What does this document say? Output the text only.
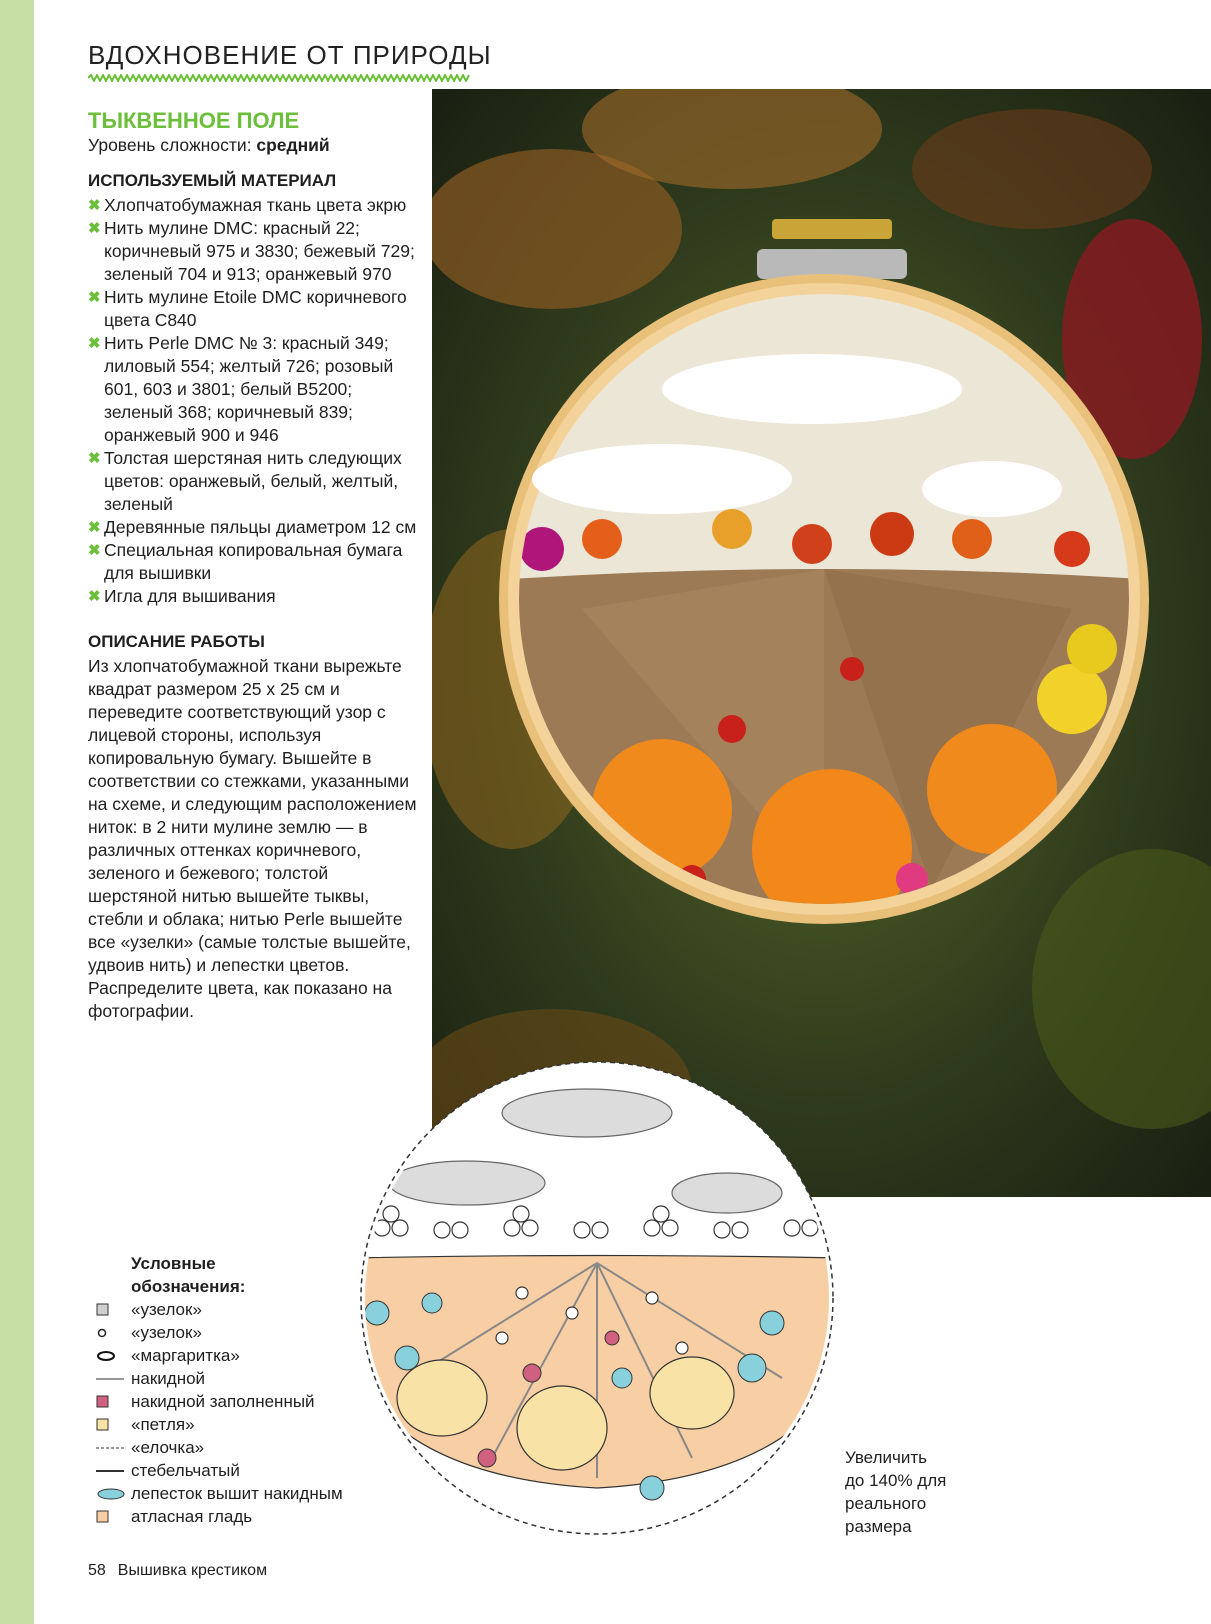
ВДОХНОВЕНИЕ ОТ ПРИРОДЫ
ТЫКВЕННОЕ ПОЛЕ
Уровень сложности: средний
ИСПОЛЬЗУЕМЫЙ МАТЕРИАЛ
✖ Хлопчатобумажная ткань цвета экрю
✖ Нить мулине DMC: красный 22; коричневый 975 и 3830; бежевый 729; зеленый 704 и 913; оранжевый 970
✖ Нить мулине Etoile DMC коричневого цвета C840
✖ Нить Perle DMC № 3: красный 349; лиловый 554; желтый 726; розовый 601, 603 и 3801; белый B5200; зеленый 368; коричневый 839; оранжевый 900 и 946
✖ Толстая шерстяная нить следующих цветов: оранжевый, белый, желтый, зеленый
✖ Деревянные пяльцы диаметром 12 см
✖ Специальная копировальная бумага для вышивки
✖ Игла для вышивания
ОПИСАНИЕ РАБОТЫ

Из хлопчатобумажной ткани вырежьте квадрат размером 25 х 25 см и переведите соответствующий узор с лицевой стороны, используя копировальную бумагу. Вышейте в соответствии со стежками, указанными на схеме, и следующим расположением ниток: в 2 нити мулине землю — в различных оттенках коричневого, зеленого и бежевого; толстой шерстяной нитью вышейте тыквы, стебли и облака; нитью Perle вышейте все «узелки» (самые толстые вышейте, удвоив нить) и лепестки цветов. Распределите цвета, как показано на фотографии.

Условные
обозначения:
«узелок»
«узелок»
«маргаритка»
накидной
накидной заполненный
«петля»
«елочка»
стебельчатый
лепесток вышит накидным
атласная гладь
Увеличить
до 140% для
реального
размера
58 Вышивка крестиком
